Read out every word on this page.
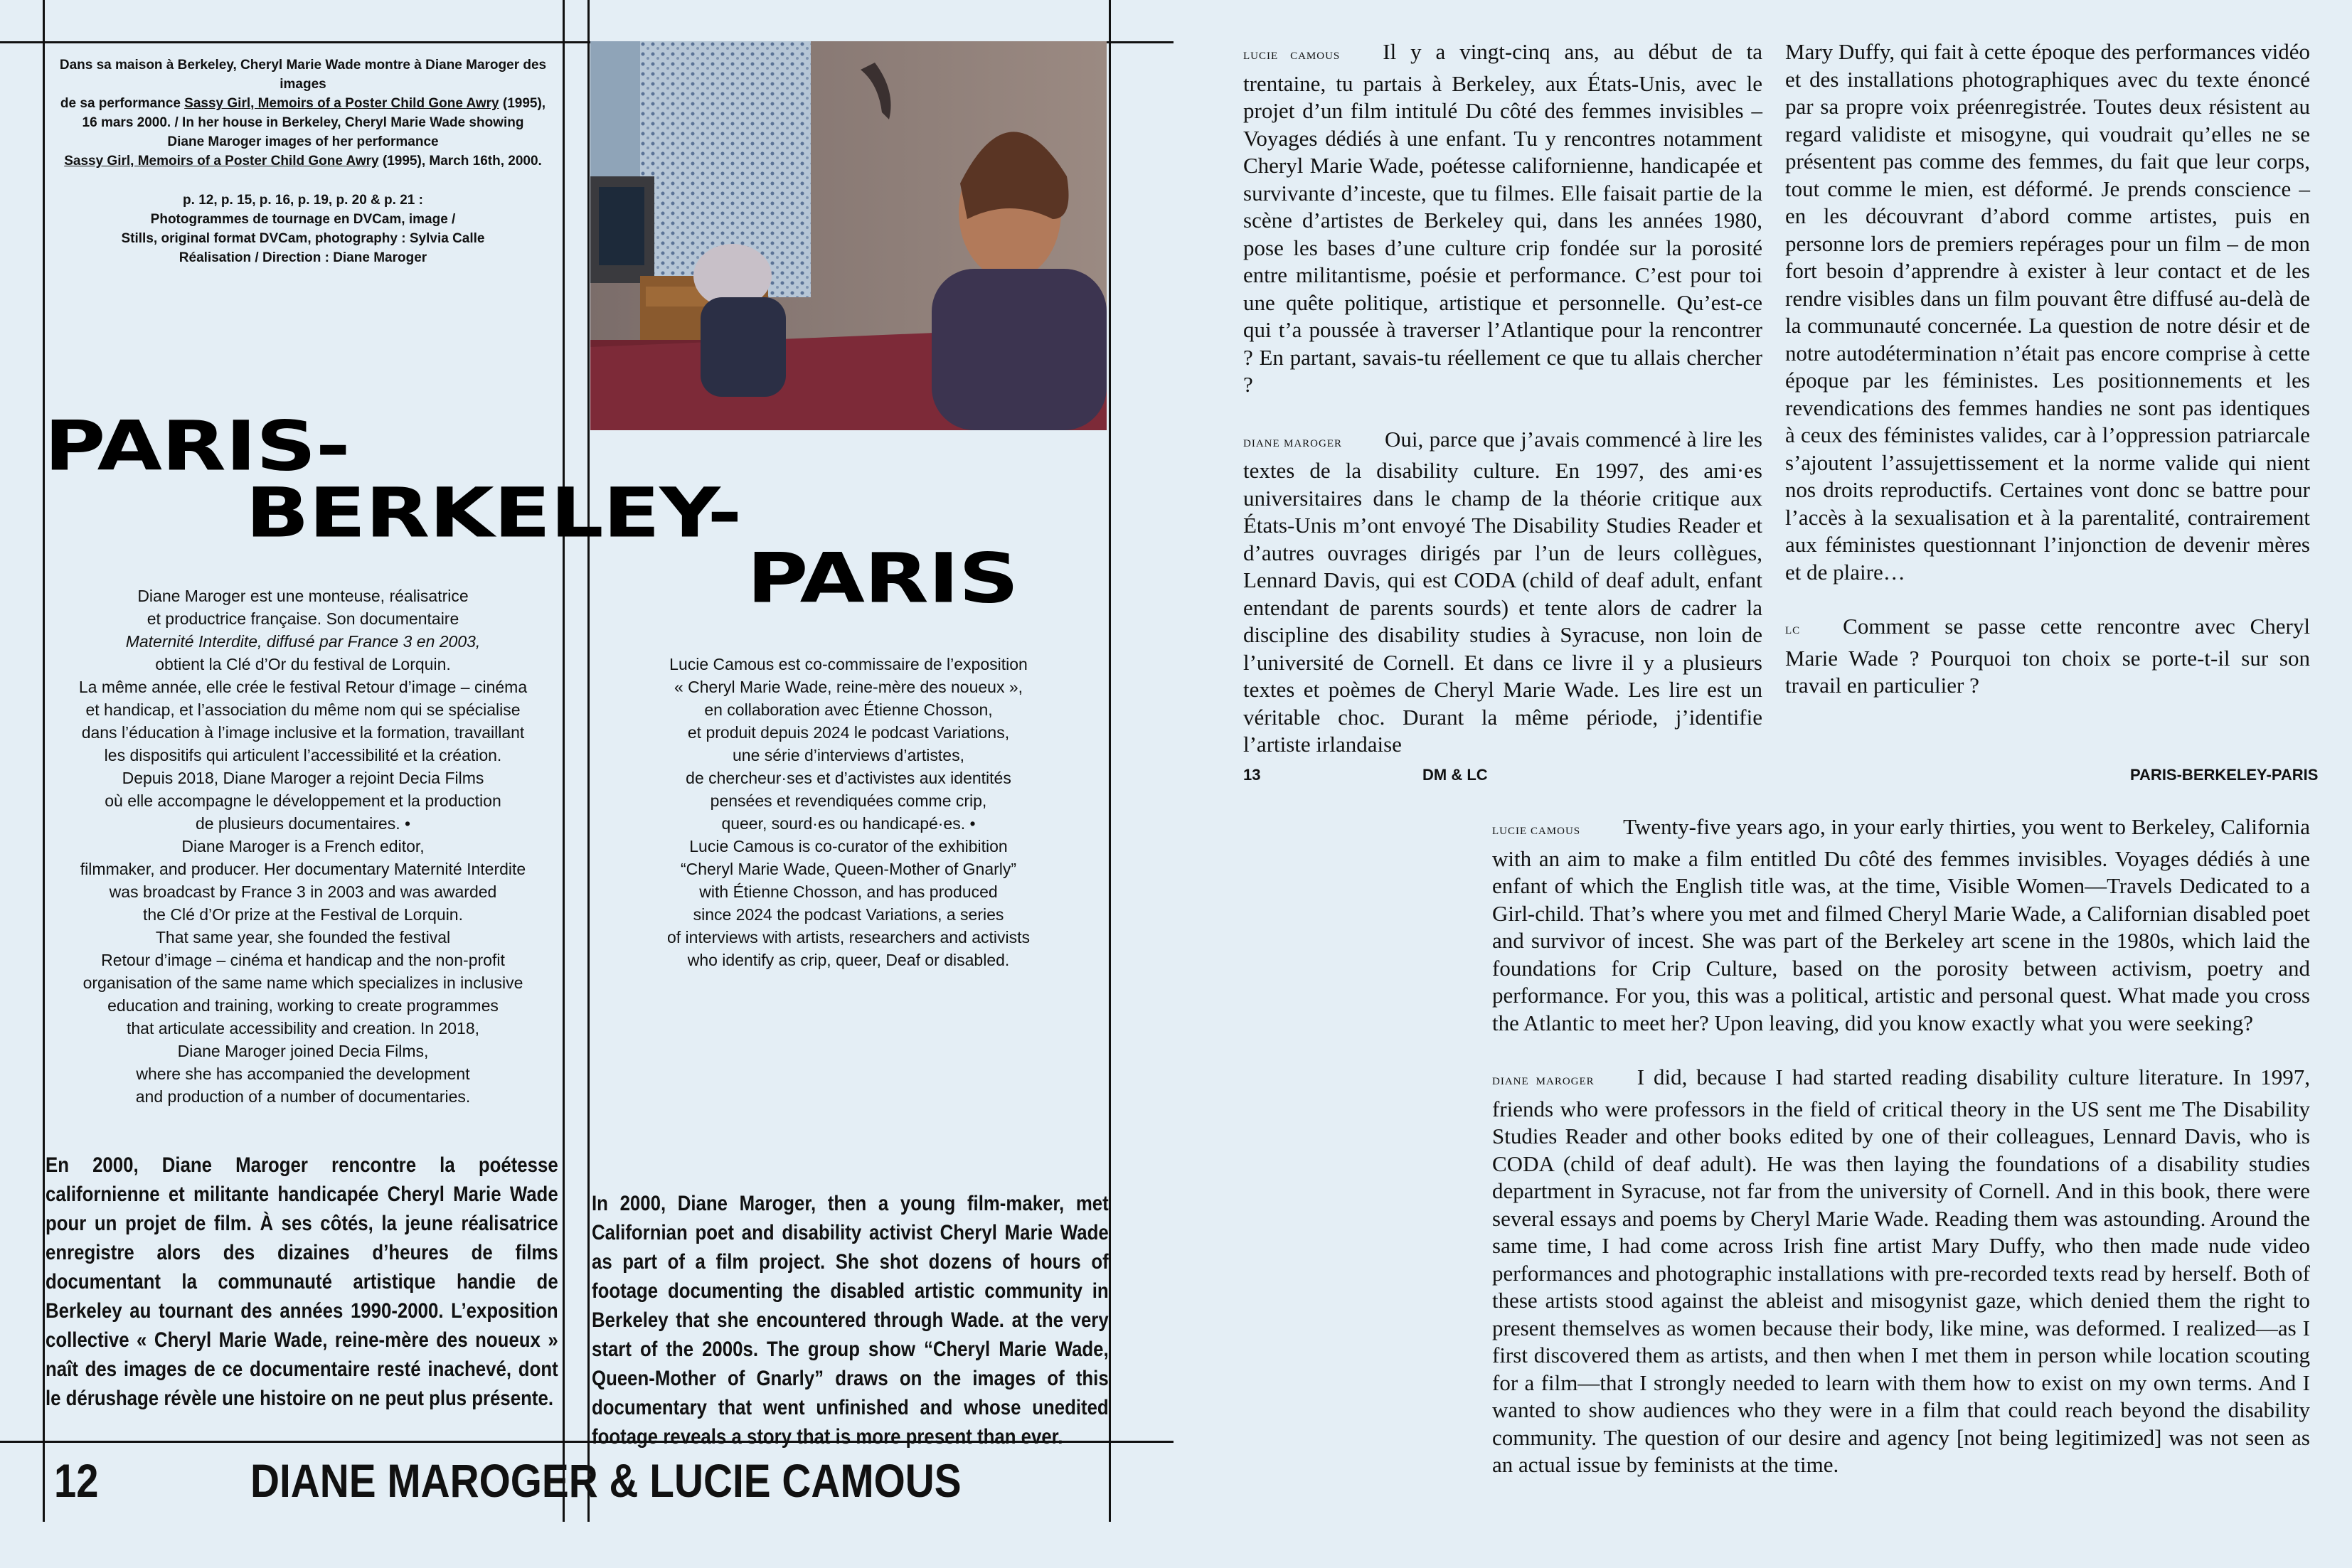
Dans sa maison à Berkeley, Cheryl Marie Wade montre à Diane Maroger des images

de sa performance Sassy Girl, Memoirs of a Poster Child Gone Awry (1995),

16 mars 2000. / In her house in Berkeley, Cheryl Marie Wade showing

Diane Maroger images of her performance

Sassy Girl, Memoirs of a Poster Child Gone Awry (1995), March 16th, 2000.

p. 12, p. 15, p. 16, p. 19, p. 20 & p. 21 :

Photogrammes de tournage en DVCam, image /

Stills, original format DVCam, photography : Sylvia Calle

Réalisation / Direction : Diane Maroger

PARIS-
BERKELEY-
PARIS

Diane Maroger est une monteuse, réalisatrice

et productrice française. Son documentaire

Maternité Interdite, diffusé par France 3 en 2003,

obtient la Clé d’Or du festival de Lorquin.

La même année, elle crée le festival Retour d’image – cinéma

et handicap, et l’association du même nom qui se spécialise

dans l’éducation à l’image inclusive et la formation, travaillant

les dispositifs qui articulent l’accessibilité et la création.

Depuis 2018, Diane Maroger a rejoint Decia Films

où elle accompagne le développement et la production

de plusieurs documentaires. •

Diane Maroger is a French editor,

filmmaker, and producer. Her documentary Maternité Interdite

was broadcast by France 3 in 2003 and was awarded

the Clé d’Or prize at the Festival de Lorquin.

That same year, she founded the festival

Retour d’image – cinéma et handicap and the non-profit

organisation of the same name which specializes in inclusive

education and training, working to create programmes

that articulate accessibility and creation. In 2018,

Diane Maroger joined Decia Films,

where she has accompanied the development

and production of a number of documentaries.

Lucie Camous est co-commissaire de l’exposition

« Cheryl Marie Wade, reine-mère des noueux »,

en collaboration avec Étienne Chosson,

et produit depuis 2024 le podcast Variations,

une série d’interviews d’artistes,

de chercheur·ses et d’activistes aux identités

pensées et revendiquées comme crip,

queer, sourd·es ou handicapé·es. •

Lucie Camous is co-curator of the exhibition

“Cheryl Marie Wade, Queen-Mother of Gnarly”

with Étienne Chosson, and has produced

since 2024 the podcast Variations, a series

of interviews with artists, researchers and activists

who identify as crip, queer, Deaf or disabled.

En 2000, Diane Maroger rencontre la poétesse californienne et militante handicapée Cheryl Marie Wade pour un projet de film. À ses côtés, la jeune réalisatrice enregistre alors des dizaines d’heures de films documentant la communauté artistique handie de Berkeley au tournant des années 1990-2000. L’exposition collective « Cheryl Marie Wade, reine-mère des noueux » naît des images de ce documentaire resté inachevé, dont le dérushage révèle une histoire on ne peut plus présente.

In 2000, Diane Maroger, then a young film-maker, met Californian poet and disability activist Cheryl Marie Wade as part of a film project. She shot dozens of hours of footage documenting the disabled artistic community in Berkeley that she encountered through Wade. at the very start of the 2000s. The group show “Cheryl Marie Wade, Queen-Mother of Gnarly” draws on the images of this documentary that went unfinished and whose unedited footage reveals a story that is more present than ever.

12	DIANE MAROGER & LUCIE CAMOUS

LUCIE CAMOUS Il y a vingt-cinq ans, au début de ta trentaine, tu partais à Berkeley, aux États-Unis, avec le projet d’un film intitulé Du côté des femmes invisibles – Voyages dédiés à une enfant. Tu y rencontres notamment Cheryl Marie Wade, poétesse californienne, handicapée et survivante d’inceste, que tu filmes. Elle faisait partie de la scène d’artistes de Berkeley qui, dans les années 1980, pose les bases d’une culture crip fondée sur la porosité entre militantisme, poésie et performance. C’est pour toi une quête politique, artistique et personnelle. Qu’est-ce qui t’a poussée à traverser l’Atlantique pour la rencontrer ? En partant, savais-tu réellement ce que tu allais chercher ?

DIANE MAROGER Oui, parce que j’avais commencé à lire les textes de la disability culture. En 1997, des ami·es universitaires dans le champ de la théorie critique aux États-Unis m’ont envoyé The Disability Studies Reader et d’autres ouvrages dirigés par l’un de leurs collègues, Lennard Davis, qui est CODA (child of deaf adult, enfant entendant de parents sourds) et tente alors de cadrer la discipline des disability studies à Syracuse, non loin de l’université de Cornell. Et dans ce livre il y a plusieurs textes et poèmes de Cheryl Marie Wade. Les lire est un véritable choc. Durant la même période, j’identifie l’artiste irlandaise

Mary Duffy, qui fait à cette époque des performances vidéo et des installations photographiques avec du texte énoncé par sa propre voix préenregistrée. Toutes deux résistent au regard validiste et misogyne, qui voudrait qu’elles ne se présentent pas comme des femmes, du fait que leur corps, tout comme le mien, est déformé. Je prends conscience – en les découvrant d’abord comme artistes, puis en personne lors de premiers repérages pour un film – de mon fort besoin d’apprendre à exister à leur contact et de les rendre visibles dans un film pouvant être diffusé au-delà de la communauté concernée. La question de notre désir et de notre autodétermination n’était pas encore comprise à cette époque par les féministes. Les positionnements et les revendications des femmes handies ne sont pas identiques à ceux des féministes valides, car à l’oppression patriarcale s’ajoutent l’assujettissement et la norme valide qui nient nos droits reproductifs. Certaines vont donc se battre pour l’accès à la sexualisation et à la parentalité, contrairement aux féministes questionnant l’injonction de devenir mères et de plaire…

LC Comment se passe cette rencontre avec Cheryl Marie Wade ? Pourquoi ton choix se porte-t-il sur son travail en particulier ?

13	DM & LC	PARIS-BERKELEY-PARIS

LUCIE CAMOUS Twenty-five years ago, in your early thirties, you went to Berkeley, California with an aim to make a film entitled Du côté des femmes invisibles. Voyages dédiés à une enfant of which the English title was, at the time, Visible Women—Travels Dedicated to a Girl-child. That’s where you met and filmed Cheryl Marie Wade, a Californian disabled poet and survivor of incest. She was part of the Berkeley art scene in the 1980s, which laid the foundations for Crip Culture, based on the porosity between activism, poetry and performance. For you, this was a political, artistic and personal quest. What made you cross the Atlantic to meet her? Upon leaving, did you know exactly what you were seeking?

DIANE MAROGER I did, because I had started reading disability culture literature. In 1997, friends who were professors in the field of critical theory in the US sent me The Disability Studies Reader and other books edited by one of their colleagues, Lennard Davis, who is CODA (child of deaf adult). He was then laying the foundations of a disability studies department in Syracuse, not far from the university of Cornell. And in this book, there were several essays and poems by Cheryl Marie Wade. Reading them was astounding. Around the same time, I had come across Irish fine artist Mary Duffy, who then made nude video performances and photographic installations with pre-recorded texts read by herself. Both of these artists stood against the ableist and misogynist gaze, which denied them the right to present themselves as women because their body, like mine, was deformed. I realized—as I first discovered them as artists, and then when I met them in person while location scouting for a film—that I strongly needed to learn with them how to exist on my own terms. And I wanted to show audiences who they were in a film that could reach beyond the disability community. The question of our desire and agency [not being legitimized] was not seen as an actual issue by feminists at the time.
